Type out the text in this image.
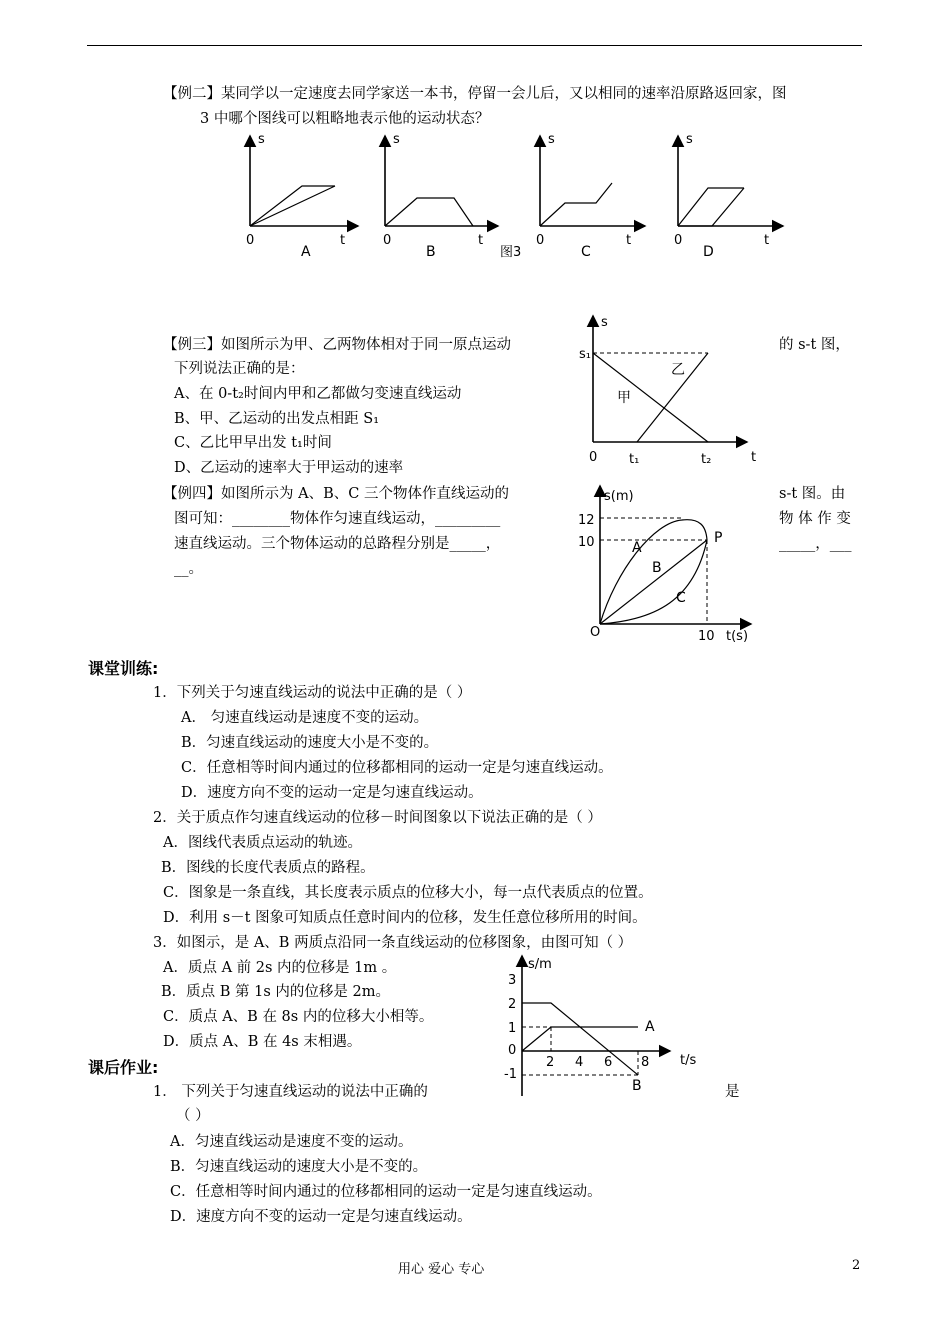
【例二】某同学以一定速度去同学家送一本书，停留一会儿后，又以相同的速率沿原路返回家，图
3 中哪个图线可以粗略地表示他的运动状态？
s
0	t
A
s
0	t
B	图3
s
0	t
C
s
0	t
D
【例三】如图所示为甲、乙两物体相对于同一原点运动	的 s-t 图，
下列说法正确的是：
A、在 0-t₂时间内甲和乙都做匀变速直线运动
B、甲、乙运动的出发点相距 S₁
C、乙比甲早出发 t₁时间
D、乙运动的速率大于甲运动的速率
s
s₁
0 t₁	t₂	t
甲
乙
【例四】如图所示为 A、B、C 三个物体作直线运动的	s-t 图。由
图可知：________物体作匀速直线运动，_________	物 体 作 变
速直线运动。三个物体运动的总路程分别是_____，	_____，___
__。
s(m)
12
10
O	10 t(s)
P
A
B
C
课堂训练:
1．下列关于匀速直线运动的说法中正确的是（ ）
A． 匀速直线运动是速度不变的运动。
B．匀速直线运动的速度大小是不变的。
C．任意相等时间内通过的位移都相同的运动一定是匀速直线运动。
D．速度方向不变的运动一定是匀速直线运动。
2．关于质点作匀速直线运动的位移－时间图象以下说法正确的是（ ）
A．图线代表质点运动的轨迹。
B．图线的长度代表质点的路程。
C．图象是一条直线，其长度表示质点的位移大小，每一点代表质点的位置。
D．利用 s－t 图象可知质点任意时间内的位移，发生任意位移所用的时间。
3．如图示，是 A、B 两质点沿同一条直线运动的位移图象，由图可知（ ）
A．质点 A 前 2s 内的位移是 1m 。
B．质点 B 第 1s 内的位移是 2m。
C．质点 A、B 在 8s 内的位移大小相等。
D．质点 A、B 在 4s 末相遇。
s/m
3
2
1
0
-1
2 4 6 8 t/s
A
B
课后作业:
1． 下列关于匀速直线运动的说法中正确的	是
（ ）
A．匀速直线运动是速度不变的运动。
B．匀速直线运动的速度大小是不变的。
C．任意相等时间内通过的位移都相同的运动一定是匀速直线运动。
D．速度方向不变的运动一定是匀速直线运动。
用心 爱心 专心	2
